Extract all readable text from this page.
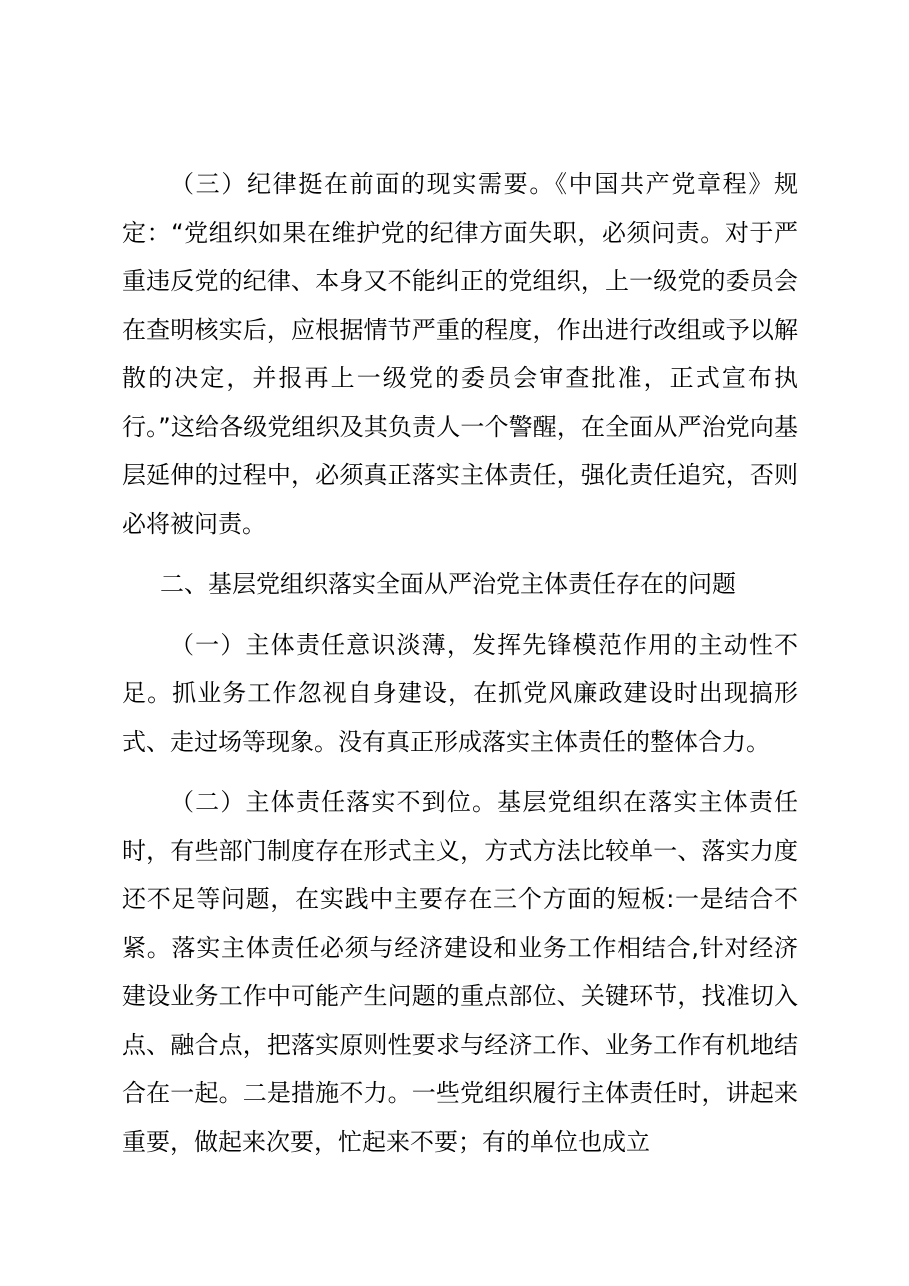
（三）纪律挺在前面的现实需要。《中国共产党章程》规定：“党组织如果在维护党的纪律方面失职，必须问责。对于严重违反党的纪律、本身又不能纠正的党组织，上一级党的委员会在查明核实后，应根据情节严重的程度，作出进行改组或予以解散的决定，并报再上一级党的委员会审查批准，正式宣布执行。”这给各级党组织及其负责人一个警醒，在全面从严治党向基层延伸的过程中，必须真正落实主体责任，强化责任追究，否则必将被问责。

二、基层党组织落实全面从严治党主体责任存在的问题

（一）主体责任意识淡薄，发挥先锋模范作用的主动性不足。抓业务工作忽视自身建设，在抓党风廉政建设时出现搞形式、走过场等现象。没有真正形成落实主体责任的整体合力。

（二）主体责任落实不到位。基层党组织在落实主体责任时，有些部门制度存在形式主义，方式方法比较单一、落实力度还不足等问题，在实践中主要存在三个方面的短板:一是结合不紧。落实主体责任必须与经济建设和业务工作相结合,针对经济建设业务工作中可能产生问题的重点部位、关键环节，找准切入点、融合点，把落实原则性要求与经济工作、业务工作有机地结合在一起。二是措施不力。一些党组织履行主体责任时，讲起来重要，做起来次要，忙起来不要；有的单位也成立
